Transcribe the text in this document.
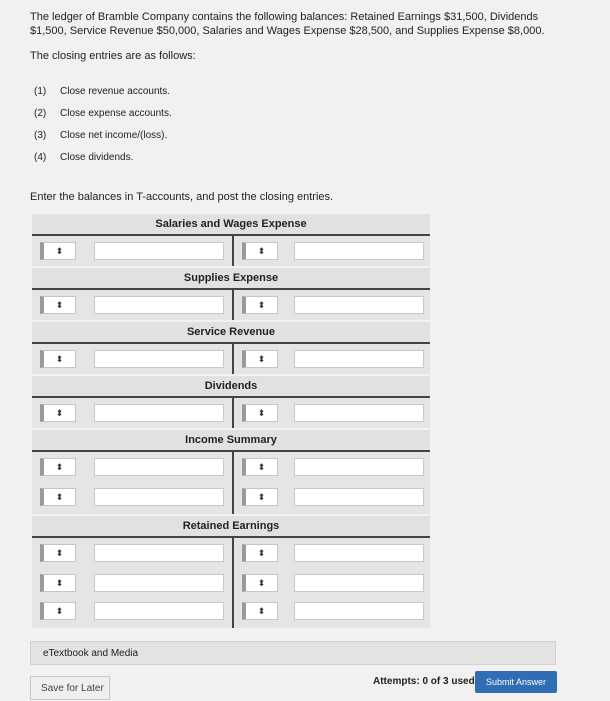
The ledger of Bramble Company contains the following balances: Retained Earnings $31,500, Dividends $1,500, Service Revenue $50,000, Salaries and Wages Expense $28,500, and Supplies Expense $8,000.
The closing entries are as follows:
(1)	Close revenue accounts.
(2)	Close expense accounts.
(3)	Close net income/(loss).
(4)	Close dividends.
Enter the balances in T-accounts, and post the closing entries.
Salaries and Wages Expense
⬍	⬍
Supplies Expense
⬍	⬍
Service Revenue
⬍	⬍
Dividends
⬍	⬍
Income Summary
⬍	⬍
⬍	⬍
Retained Earnings
⬍	⬍
⬍	⬍
⬍	⬍
eTextbook and Media
Save for Later
Attempts: 0 of 3 used	Submit Answer
